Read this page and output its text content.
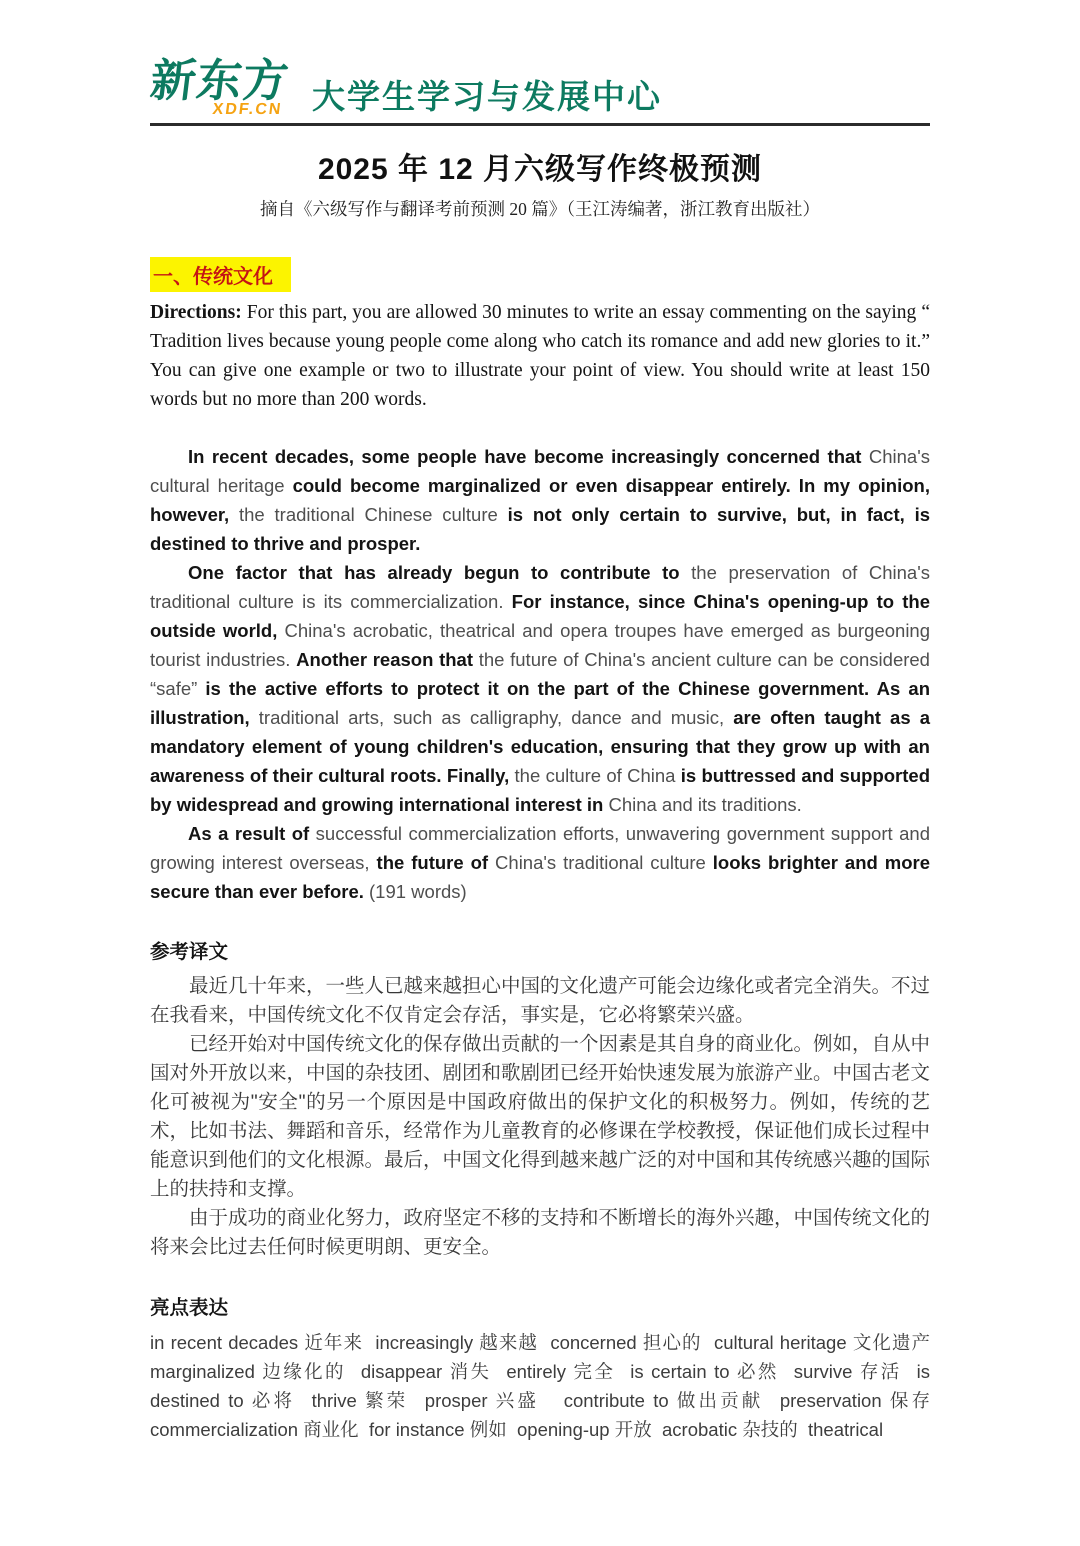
新东方
XDF.CN 大学生学习与发展中心
2025 年 12 月六级写作终极预测
摘自《六级写作与翻译考前预测 20 篇》（王江涛编著，浙江教育出版社）
一、传统文化

Directions: For this part, you are allowed 30 minutes to write an essay commenting on the saying “ Tradition lives because young people come along who catch its romance and add new glories to it.” You can give one example or two to illustrate your point of view. You should write at least 150 words but no more than 200 words.

In recent decades, some people have become increasingly concerned that China's cultural heritage could become marginalized or even disappear entirely. In my opinion, however, the traditional Chinese culture is not only certain to survive, but, in fact, is destined to thrive and prosper.

One factor that has already begun to contribute to the preservation of China's traditional culture is its commercialization. For instance, since China's opening-up to the outside world, China's acrobatic, theatrical and opera troupes have emerged as burgeoning tourist industries. Another reason that the future of China's ancient culture can be considered “safe” is the active efforts to protect it on the part of the Chinese government. As an illustration, traditional arts, such as calligraphy, dance and music, are often taught as a mandatory element of young children's education, ensuring that they grow up with an awareness of their cultural roots. Finally, the culture of China is buttressed and supported by widespread and growing international interest in China and its traditions.

As a result of successful commercialization efforts, unwavering government support and growing interest overseas, the future of China's traditional culture looks brighter and more secure than ever before. (191 words)

参考译文

最近几十年来，一些人已越来越担心中国的文化遗产可能会边缘化或者完全消失。不过在我看来，中国传统文化不仅肯定会存活，事实是，它必将繁荣兴盛。

已经开始对中国传统文化的保存做出贡献的一个因素是其自身的商业化。例如，自从中国对外开放以来，中国的杂技团、剧团和歌剧团已经开始快速发展为旅游产业。中国古老文化可被视为"安全"的另一个原因是中国政府做出的保护文化的积极努力。例如，传统的艺术，比如书法、舞蹈和音乐，经常作为儿童教育的必修课在学校教授，保证他们成长过程中能意识到他们的文化根源。最后，中国文化得到越来越广泛的对中国和其传统感兴趣的国际上的扶持和支撑。

由于成功的商业化努力，政府坚定不移的支持和不断增长的海外兴趣，中国传统文化的将来会比过去任何时候更明朗、更安全。

亮点表达

in recent decades 近年来  increasingly 越来越  concerned 担心的  cultural heritage 文化遗产 marginalized 边缘化的  disappear 消失  entirely 完全  is certain to 必然  survive 存活  is destined to 必将  thrive 繁荣  prosper 兴盛   contribute to 做出贡献  preservation 保存 commercialization 商业化  for instance 例如  opening-up 开放  acrobatic 杂技的  theatrical
